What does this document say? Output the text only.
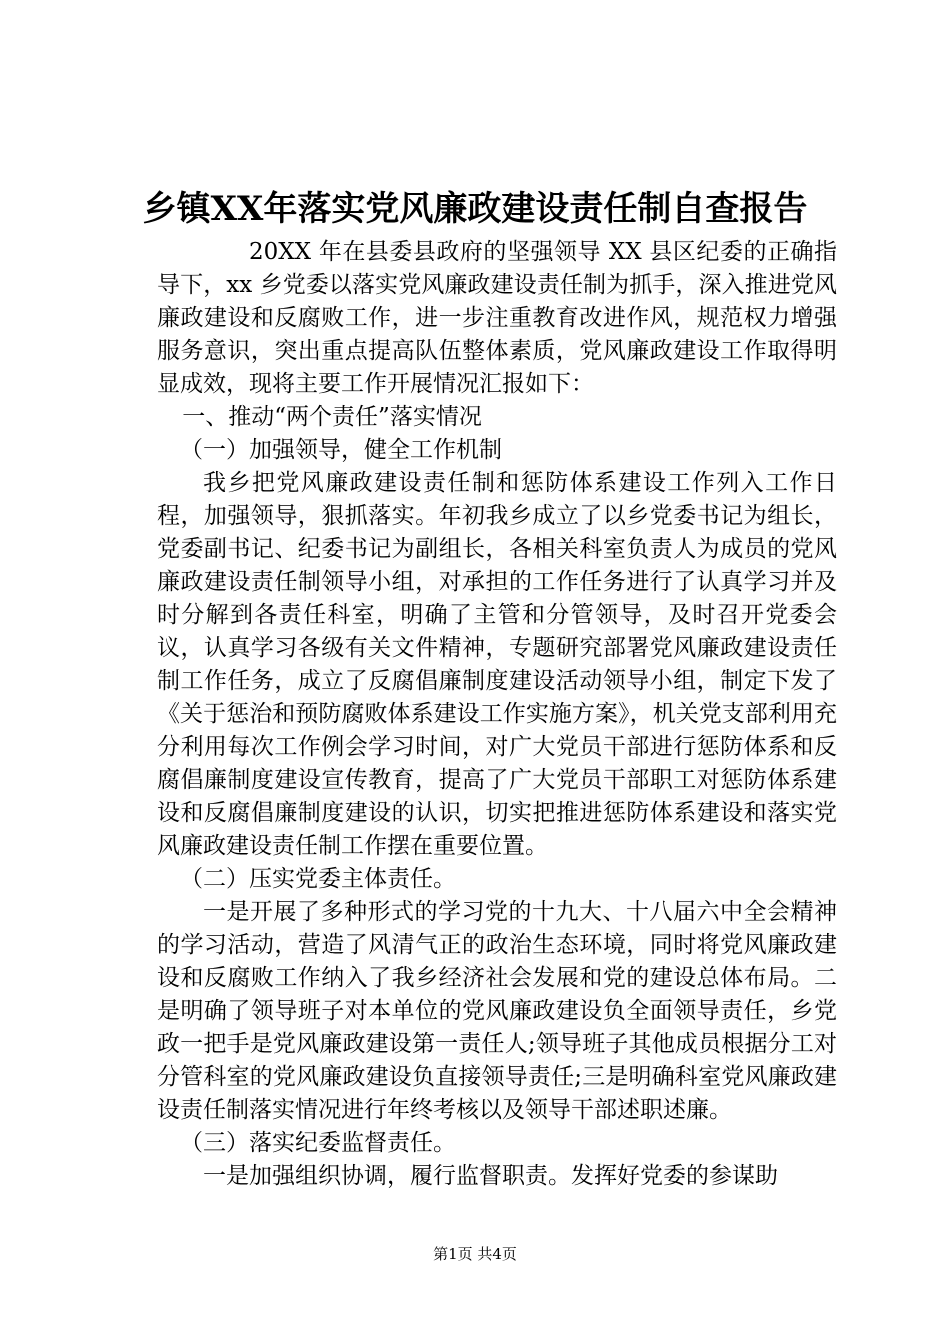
乡镇XX年落实党风廉政建设责任制自查报告

20XX 年在县委县政府的坚强领导 XX 县区纪委的正确指导下，xx 乡党委以落实党风廉政建设责任制为抓手，深入推进党风廉政建设和反腐败工作，进一步注重教育改进作风，规范权力增强服务意识，突出重点提高队伍整体素质，党风廉政建设工作取得明显成效，现将主要工作开展情况汇报如下：

一、推动“两个责任”落实情况

（一）加强领导，健全工作机制

我乡把党风廉政建设责任制和惩防体系建设工作列入工作日程，加强领导，狠抓落实。年初我乡成立了以乡党委书记为组长，党委副书记、纪委书记为副组长，各相关科室负责人为成员的党风廉政建设责任制领导小组，对承担的工作任务进行了认真学习并及时分解到各责任科室，明确了主管和分管领导，及时召开党委会议，认真学习各级有关文件精神，专题研究部署党风廉政建设责任制工作任务，成立了反腐倡廉制度建设活动领导小组，制定下发了《关于惩治和预防腐败体系建设工作实施方案》，机关党支部利用充分利用每次工作例会学习时间，对广大党员干部进行惩防体系和反腐倡廉制度建设宣传教育，提高了广大党员干部职工对惩防体系建设和反腐倡廉制度建设的认识，切实把推进惩防体系建设和落实党风廉政建设责任制工作摆在重要位置。

（二）压实党委主体责任。

一是开展了多种形式的学习党的十九大、十八届六中全会精神的学习活动，营造了风清气正的政治生态环境，同时将党风廉政建设和反腐败工作纳入了我乡经济社会发展和党的建设总体布局。二是明确了领导班子对本单位的党风廉政建设负全面领导责任，乡党政一把手是党风廉政建设第一责任人;领导班子其他成员根据分工对分管科室的党风廉政建设负直接领导责任;三是明确科室党风廉政建设责任制落实情况进行年终考核以及领导干部述职述廉。

（三）落实纪委监督责任。

一是加强组织协调，履行监督职责。发挥好党委的参谋助

第1页 共4页
